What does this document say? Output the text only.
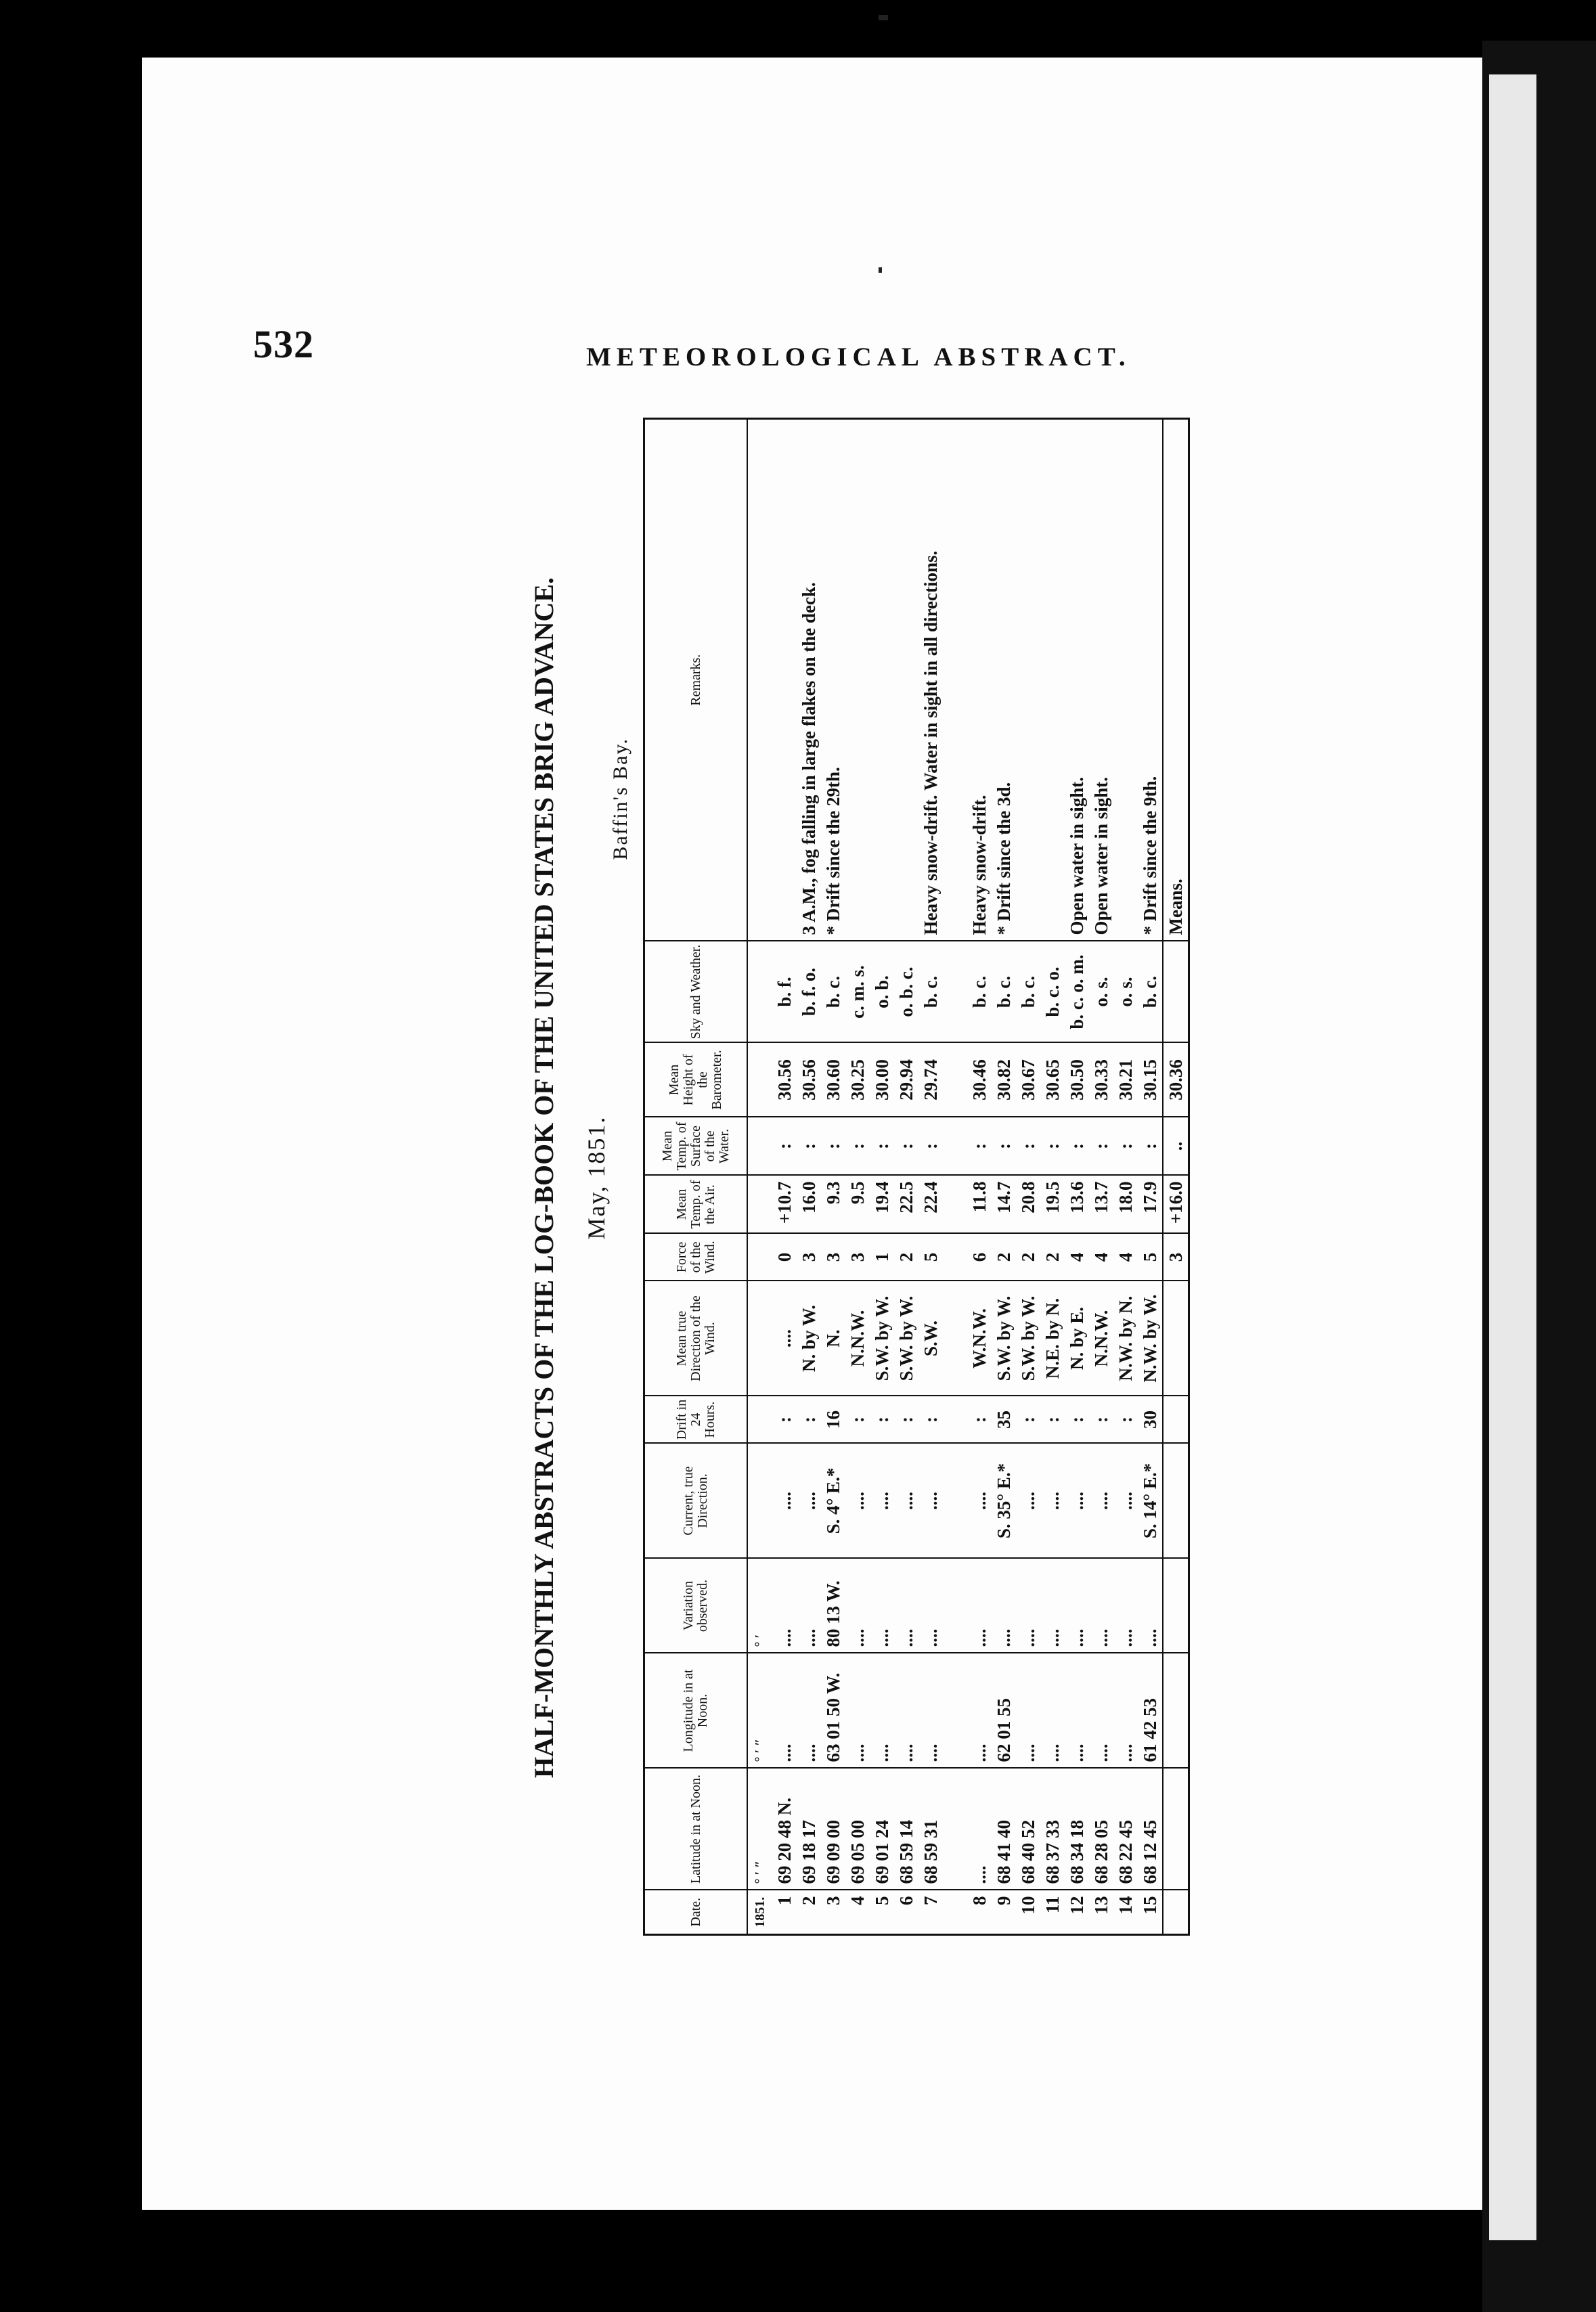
532	METEOROLOGICAL ABSTRACT.
HALF-MONTHLY ABSTRACTS OF THE LOG-BOOK OF THE UNITED STATES BRIG ADVANCE. May, 1851.
Baffin's Bay.
Date.	Latitude in at Noon.	Longitude in at Noon.	Variation observed.	Current, true Direction.	Drift in 24 Hours.	Mean true Direction of the Wind.	Force of the Wind.	Mean Temp. of the Air.	Mean Temp. of Surface of the Water.	Mean Height of the Barometer.	Sky and Weather.	Remarks.
1851.	° ′ ″	° ′ ″	° ′									
1	69 20 48 N.	....	....	....	:	....	0	+10.7	:	30.56	b. f.	
2	69 18 17	....	....	....	:	N. by W.	3	16.0	:	30.56	b. f. o.	3 A.M., fog falling in large flakes on the deck.
3	69 09 00	63 01 50 W.	80 13 W.	S. 4° E.*	16	N.	3	9.3	:	30.60	b. c.	* Drift since the 29th.
4	69 05 00	....	....	....	:	N.N.W.	3	9.5	:	30.25	c. m. s.	
5	69 01 24	....	....	....	:	S.W. by W.	1	19.4	:	30.00	o. b.	
6	68 59 14	....	....	....	:	S.W. by W.	2	22.5	:	29.94	o. b. c.	
7	68 59 31	....	....	....	:	S.W.	5	22.4	:	29.74	b. c.	Heavy snow-drift. Water in sight in all directions.

8	....	....	....	....	:	W.N.W.	6	11.8	:	30.46	b. c.	Heavy snow-drift.
9	68 41 40	62 01 55	....	S. 35° E.*	35	S.W. by W.	2	14.7	:	30.82	b. c.	* Drift since the 3d.
10	68 40 52	....	....	....	:	S.W. by W.	2	20.8	:	30.67	b. c.	
11	68 37 33	....	....	....	:	N.E. by N.	2	19.5	:	30.65	b. c. o.	
12	68 34 18	....	....	....	:	N. by E.	4	13.6	:	30.50	b. c. o. m.	Open water in sight.
13	68 28 05	....	....	....	:	N.N.W.	4	13.7	:	30.33	o. s.	Open water in sight.
14	68 22 45	....	....	....	:	N.W. by N.	4	18.0	:	30.21	o. s.	
15	68 12 45	61 42 53	....	S. 14° E.*	30	N.W. by W.	5	17.9	:	30.15	b. c.	* Drift since the 9th.
							3	+16.0	..	30.36		Means.
